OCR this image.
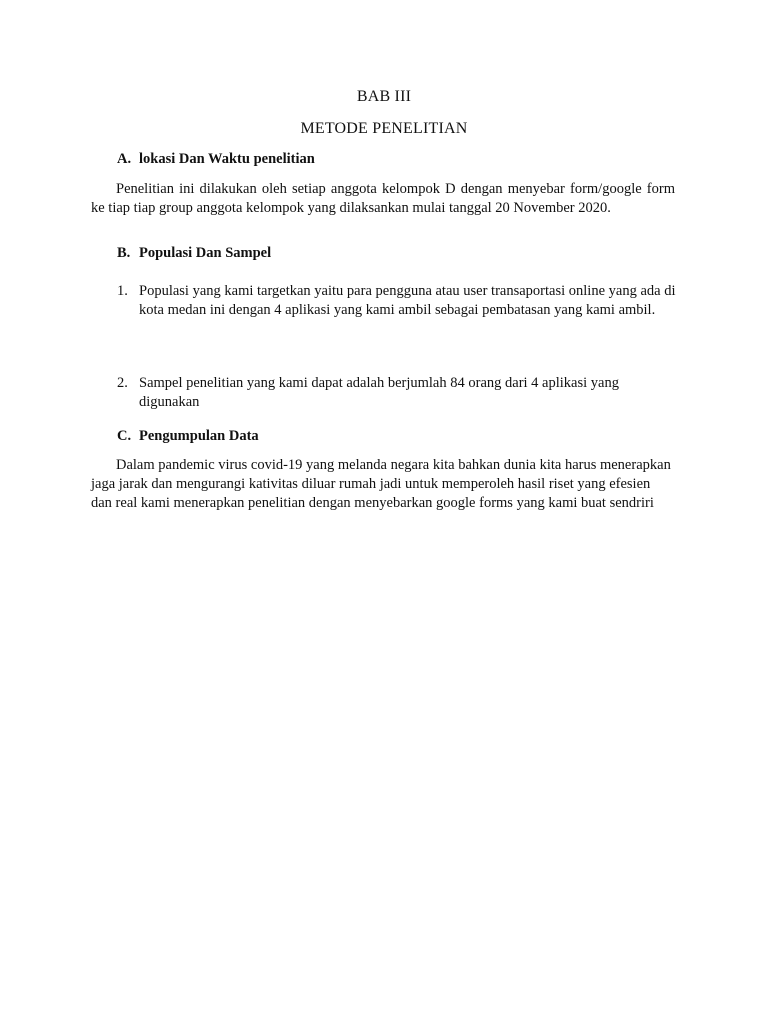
BAB III
METODE PENELITIAN
A. lokasi Dan Waktu penelitian
Penelitian ini dilakukan oleh setiap anggota kelompok D dengan menyebar form/google form ke tiap tiap group anggota kelompok yang dilaksankan mulai tanggal 20 November 2020.
B. Populasi Dan Sampel
1. Populasi yang kami targetkan yaitu para pengguna atau user transaportasi online yang ada di kota medan ini dengan 4 aplikasi yang kami ambil sebagai pembatasan yang kami ambil.
2. Sampel penelitian yang kami dapat adalah berjumlah 84 orang dari 4 aplikasi yang digunakan
C. Pengumpulan Data
Dalam pandemic virus covid-19 yang melanda negara kita bahkan dunia kita harus menerapkan jaga jarak dan mengurangi kativitas diluar rumah jadi untuk memperoleh hasil riset yang efesien dan real kami menerapkan penelitian dengan menyebarkan google forms yang kami buat sendriri
